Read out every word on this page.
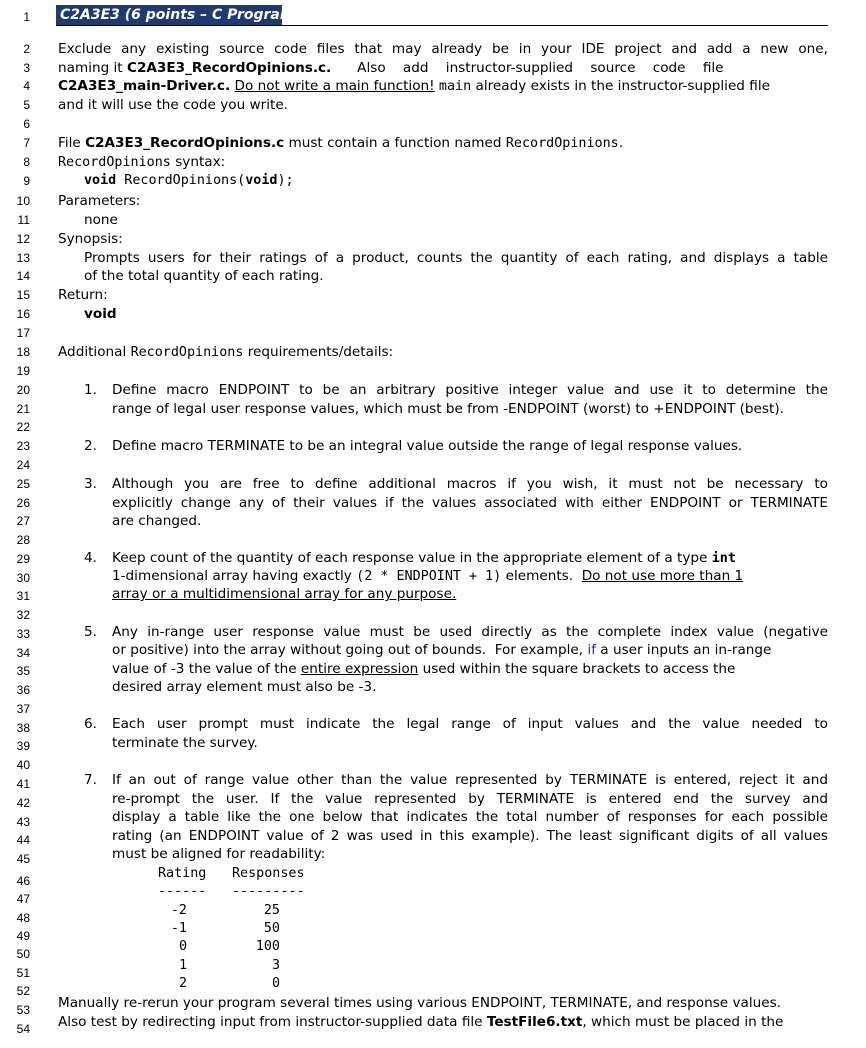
1
2
3
4
5
6
7
8
9
10
11
12
13
14
15
16
17
18
19
20
21
22
23
24
25
26
27
28
29
30
31
32
33
34
35
36
37
38
39
40
41
42
43
44
45
46
47
48
49
50
51
52
53
54
C2A3E3 (6 points – C Program)
Exclude any existing source code files that may already be in your IDE project and add a new one,
naming it C2A3E3_RecordOpinions.c.      Also    add    instructor-supplied    source    code    file
C2A3E3_main-Driver.c. Do not write a main function! main already exists in the instructor-supplied file
and it will use the code you write.
File C2A3E3_RecordOpinions.c must contain a function named RecordOpinions.
RecordOpinions syntax:
void RecordOpinions(void);
Parameters:
none
Synopsis:
Prompts users for their ratings of a product, counts the quantity of each rating, and displays a table
of the total quantity of each rating.
Return:
void
Additional RecordOpinions requirements/details:
1. Define macro ENDPOINT to be an arbitrary positive integer value and use it to determine the
range of legal user response values, which must be from -ENDPOINT (worst) to +ENDPOINT (best).
2. Define macro TERMINATE to be an integral value outside the range of legal response values.
3. Although you are free to define additional macros if you wish, it must not be necessary to
explicitly change any of their values if the values associated with either ENDPOINT or TERMINATE
are changed.
4. Keep count of the quantity of each response value in the appropriate element of a type int
1-dimensional array having exactly (2 * ENDPOINT + 1) elements.  Do not use more than 1
array or a multidimensional array for any purpose.
5. Any in-range user response value must be used directly as the complete index value (negative
or positive) into the array without going out of bounds.  For example, if a user inputs an in-range
value of -3 the value of the entire expression used within the square brackets to access the
desired array element must also be -3.
6. Each user prompt must indicate the legal range of input values and the value needed to
terminate the survey.
7. If an out of range value other than the value represented by TERMINATE is entered, reject it and
re-prompt the user. If the value represented by TERMINATE is entered end the survey and
display a table like the one below that indicates the total number of responses for each possible
rating (an ENDPOINT value of 2 was used in this example). The least significant digits of all values
must be aligned for readability:
Rating Responses
------ ---------
-2	25
-1	50
0	100
1	3
2	0
Manually re-rerun your program several times using various ENDPOINT, TERMINATE, and response values.
Also test by redirecting input from instructor-supplied data file TestFile6.txt, which must be placed in the
